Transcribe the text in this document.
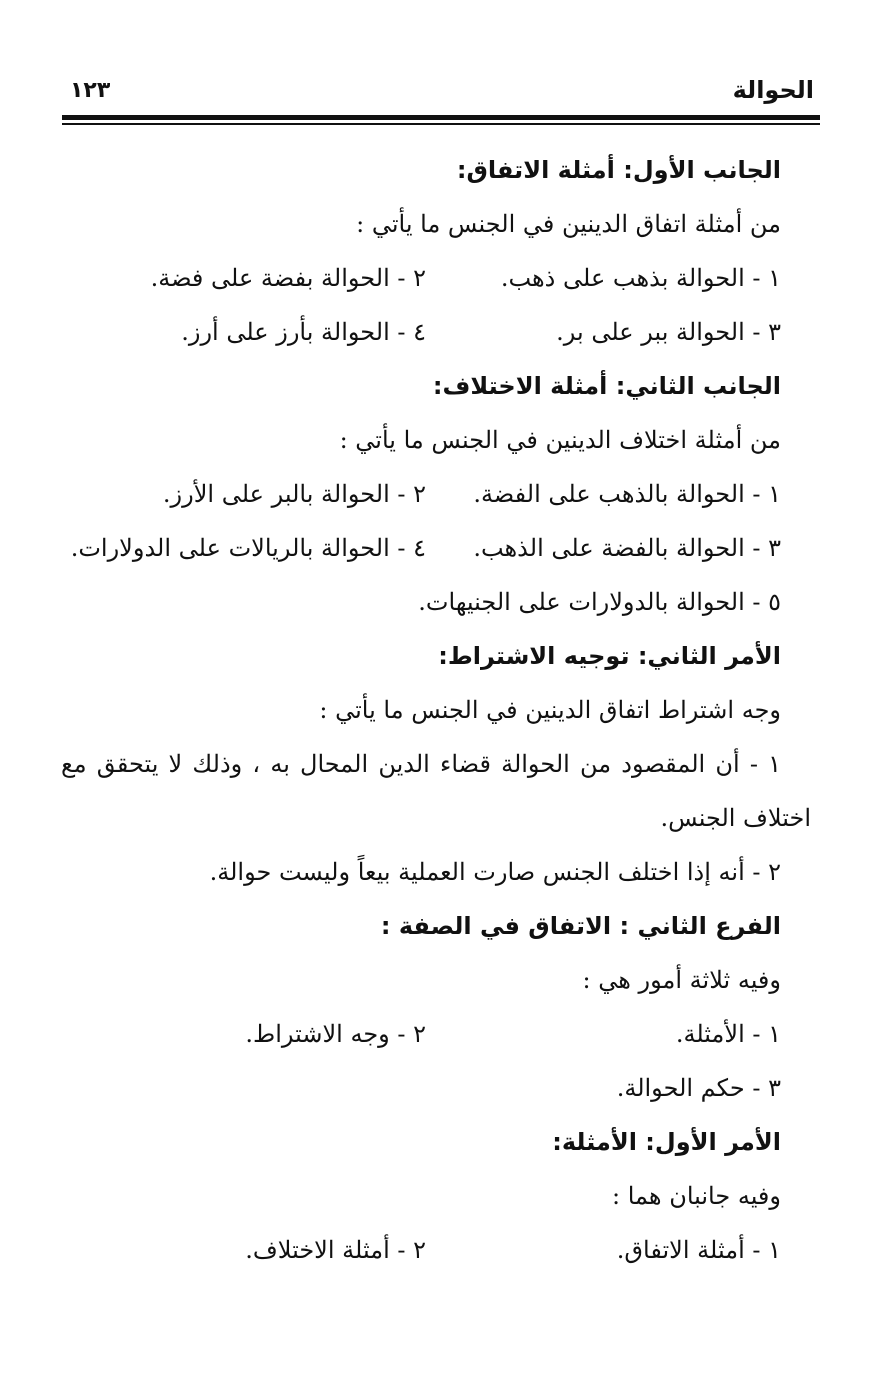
الحوالة
١٢٣
الجانب الأول: أمثلة الاتفاق:
من أمثلة اتفاق الدينين في الجنس ما يأتي :
١ - الحوالة بذهب على ذهب.
٢ - الحوالة بفضة على فضة.
٣ - الحوالة ببر على بر.
٤ - الحوالة بأرز على أرز.
الجانب الثاني: أمثلة الاختلاف:
من أمثلة اختلاف الدينين في الجنس ما يأتي :
١ - الحوالة بالذهب على الفضة.
٢ - الحوالة بالبر على الأرز.
٣ - الحوالة بالفضة على الذهب.
٤ - الحوالة بالريالات على الدولارات.
٥ - الحوالة بالدولارات على الجنيهات.
الأمر الثاني: توجيه الاشتراط:
وجه اشتراط اتفاق الدينين في الجنس ما يأتي :
١ - أن المقصود من الحوالة قضاء الدين المحال به ، وذلك لا يتحقق مع
اختلاف الجنس.
٢ - أنه إذا اختلف الجنس صارت العملية بيعاً وليست حوالة.
الفرع الثاني : الاتفاق في الصفة :
وفيه ثلاثة أمور هي :
١ - الأمثلة.
٢ - وجه الاشتراط.
٣ - حكم الحوالة.
الأمر الأول: الأمثلة:
وفيه جانبان هما :
١ - أمثلة الاتفاق.
٢ - أمثلة الاختلاف.
